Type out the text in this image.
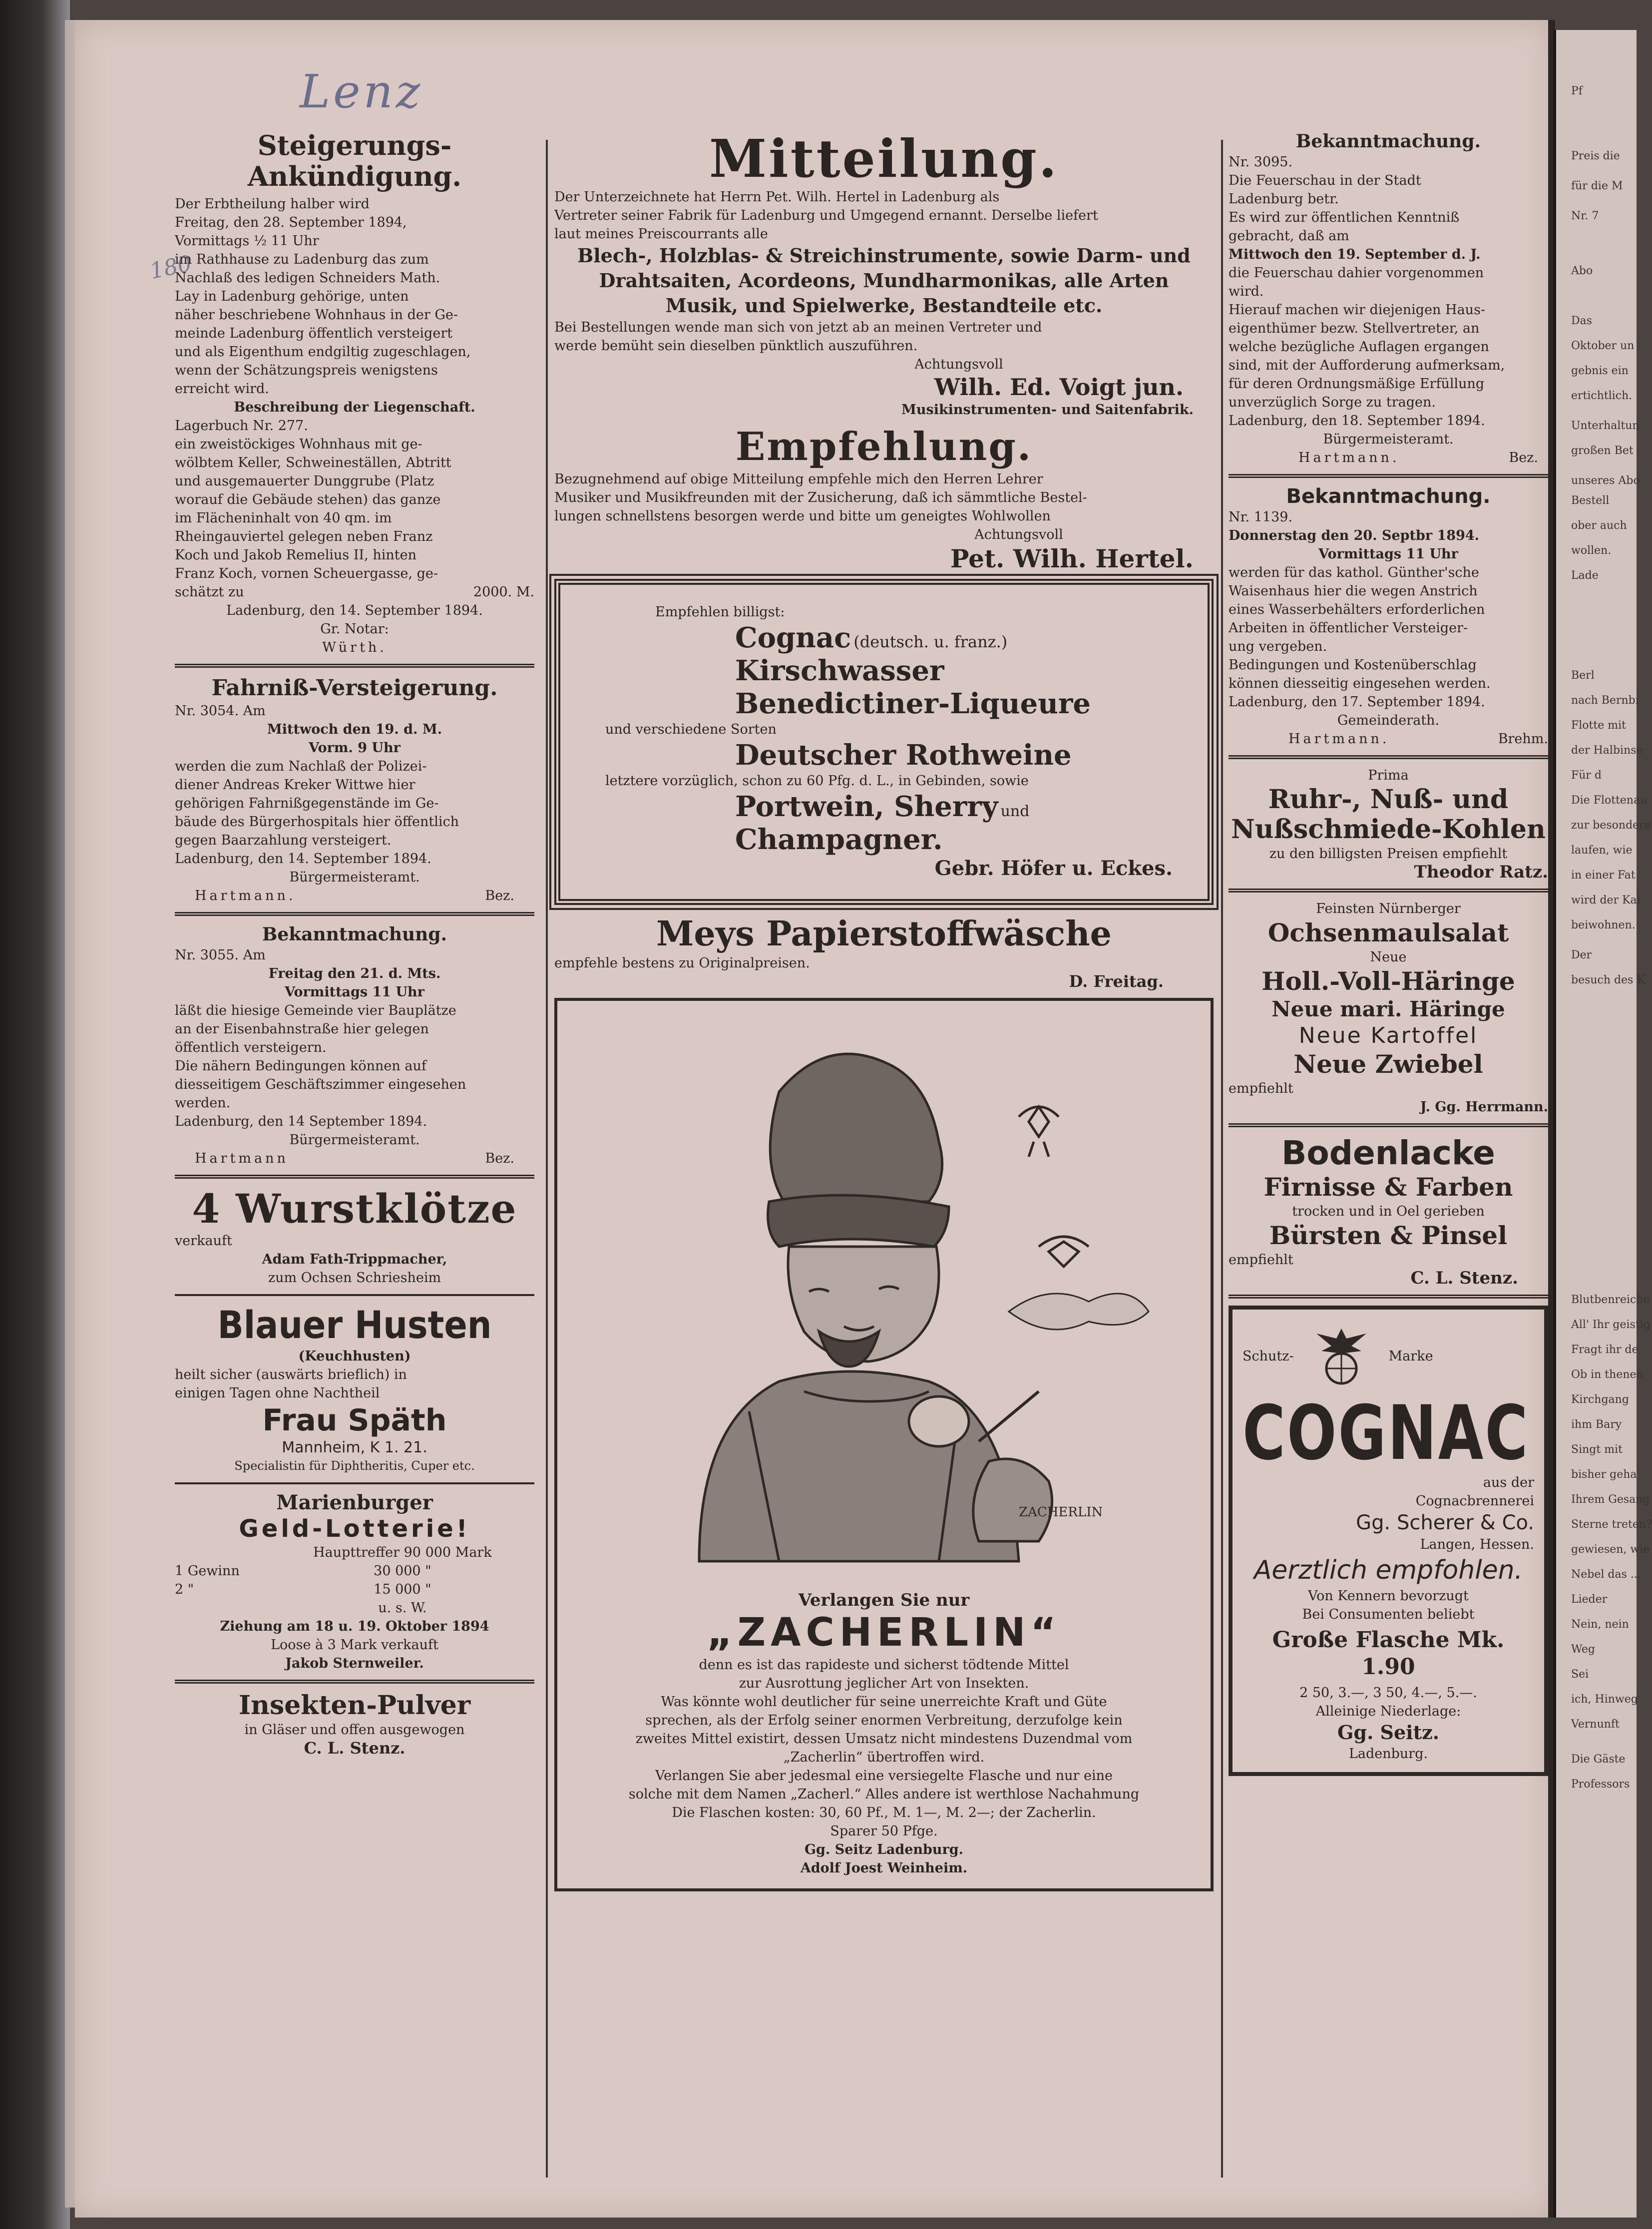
Pf
Preis die
für die M
Nr. 7
Abo
Das
Oktober un
gebnis ein
ertichtlich.
Unterhaltun
großen Bet
unseres Abo
Bestell
ober auch
wollen.
Lade
Berl
nach Bernbi
Flotte mit
der Halbinse
Für d
Die Flottenau
zur besondere
laufen, wie
in einer Fat
wird der Kai
beiwohnen.
Der
besuch des K
Blutbenreiche
All' Ihr geistig
Fragt ihr de
Ob in thenen
Kirchgang
ihm Bary
Singt mit
bisher geha
Ihrem Gesang
Sterne treten?
gewiesen, wie
Nebel das ...
Lieder
Nein, nein
Weg
Sei
ich, Hinweg
Vernunft
Die Gäste
Professors
Lenz
180
Steigerungs-
Ankündigung.

Der Erbtheilung halber wird

Freitag, den 28. September 1894,

Vormittags ½ 11 Uhr

im Rathhause zu Ladenburg das zum

Nachlaß des ledigen Schneiders Math.

Lay in Ladenburg gehörige, unten

näher beschriebene Wohnhaus in der Ge-

meinde Ladenburg öffentlich versteigert

und als Eigenthum endgiltig zugeschlagen,

wenn der Schätzungspreis wenigstens

erreicht wird.

Beschreibung der Liegenschaft.

Lagerbuch Nr. 277.

ein zweistöckiges Wohnhaus mit ge-

wölbtem Keller, Schweineställen, Abtritt

und ausgemauerter Dunggrube (Platz

worauf die Gebäude stehen) das ganze

im Flächeninhalt von 40 qm. im

Rheingauviertel gelegen neben Franz

Koch und Jakob Remelius II, hinten

Franz Koch, vornen Scheuergasse, ge-

schätzt zu	2000. M.

Ladenburg, den 14. September 1894.

Gr. Notar:

Würth.

Fahrniß-Versteigerung.

Nr. 3054. Am

Mittwoch den 19. d. M.

Vorm. 9 Uhr

werden die zum Nachlaß der Polizei-

diener Andreas Kreker Wittwe hier

gehörigen Fahrnißgegenstände im Ge-

bäude des Bürgerhospitals hier öffentlich

gegen Baarzahlung versteigert.

Ladenburg, den 14. September 1894.

Bürgermeisteramt.

Hartmann.	Bez.

Bekanntmachung.

Nr. 3055. Am

Freitag den 21. d. Mts.

Vormittags 11 Uhr

läßt die hiesige Gemeinde vier Bauplätze

an der Eisenbahnstraße hier gelegen

öffentlich versteigern.

Die nähern Bedingungen können auf

diesseitigem Geschäftszimmer eingesehen

werden.

Ladenburg, den 14 September 1894.

Bürgermeisteramt.

Hartmann	Bez.

4 Wurstklötze

verkauft

Adam Fath-Trippmacher,

zum Ochsen Schriesheim

Blauer Husten

(Keuchhusten)

heilt sicher (auswärts brieflich) in

einigen Tagen ohne Nachtheil

Frau Späth

Mannheim, K 1. 21.

Specialistin für Diphtheritis, Cuper etc.

Marienburger
Geld-Lotterie!
	Haupttreffer 90 000 Mark
1 Gewinn	30 000 "
2 "	15 000 "
	u. s. W.

Ziehung am 18 u. 19. Oktober 1894

Loose à 3 Mark verkauft

Jakob Sternweiler.

Insekten-Pulver

in Gläser und offen ausgewogen

C. L. Stenz.

Mitteilung.

Der Unterzeichnete hat Herrn Pet. Wilh. Hertel in Ladenburg als

Vertreter seiner Fabrik für Ladenburg und Umgegend ernannt. Derselbe liefert

laut meines Preiscourrants alle

Blech-, Holzblas- & Streichinstrumente, sowie Darm- und

Drahtsaiten, Acordeons, Mundharmonikas, alle Arten

Musik, und Spielwerke, Bestandteile etc.

Bei Bestellungen wende man sich von jetzt ab an meinen Vertreter und

werde bemüht sein dieselben pünktlich auszuführen.

Achtungsvoll

Wilh. Ed. Voigt jun.

Musikinstrumenten- und Saitenfabrik.

Empfehlung.

Bezugnehmend auf obige Mitteilung empfehle mich den Herren Lehrer

Musiker und Musikfreunden mit der Zusicherung, daß ich sämmtliche Bestel-

lungen schnellstens besorgen werde und bitte um geneigtes Wohlwollen

Achtungsvoll

Pet. Wilh. Hertel.

Empfehlen billigst:

Cognac (deutsch. u. franz.)

Kirschwasser

Benedictiner-Liqueure

und verschiedene Sorten

Deutscher Rothweine

letztere vorzüglich, schon zu 60 Pfg. d. L., in Gebinden, sowie

Portwein, Sherry und

Champagner.

Gebr. Höfer u. Eckes.

Meys Papierstoffwäsche

empfehle bestens zu Originalpreisen.

D. Freitag.

ZACHERLIN

Verlangen Sie nur

„ZACHERLIN“

denn es ist das rapideste und sicherst tödtende Mittel

zur Ausrottung jeglicher Art von Insekten.

Was könnte wohl deutlicher für seine unerreichte Kraft und Güte

sprechen, als der Erfolg seiner enormen Verbreitung, derzufolge kein

zweites Mittel existirt, dessen Umsatz nicht mindestens Duzendmal vom

„Zacherlin“ übertroffen wird.

Verlangen Sie aber jedesmal eine versiegelte Flasche und nur eine

solche mit dem Namen „Zacherl.“ Alles andere ist werthlose Nachahmung

Die Flaschen kosten: 30, 60 Pf., M. 1—, M. 2—; der Zacherlin.

Sparer 50 Pfge.

Gg. Seitz Ladenburg.

Adolf Joest Weinheim.

Bekanntmachung.

Nr. 3095.

Die Feuerschau in der Stadt

Ladenburg betr.

Es wird zur öffentlichen Kenntniß

gebracht, daß am

Mittwoch den 19. September d. J.

die Feuerschau dahier vorgenommen

wird.

Hierauf machen wir diejenigen Haus-

eigenthümer bezw. Stellvertreter, an

welche bezügliche Auflagen ergangen

sind, mit der Aufforderung aufmerksam,

für deren Ordnungsmäßige Erfüllung

unverzüglich Sorge zu tragen.

Ladenburg, den 18. September 1894.

Bürgermeisteramt.

Hartmann.	Bez.

Bekanntmachung.

Nr. 1139.

Donnerstag den 20. Septbr 1894.

Vormittags 11 Uhr

werden für das kathol. Günther'sche

Waisenhaus hier die wegen Anstrich

eines Wasserbehälters erforderlichen

Arbeiten in öffentlicher Versteiger-

ung vergeben.

Bedingungen und Kostenüberschlag

können diesseitig eingesehen werden.

Ladenburg, den 17. September 1894.

Gemeinderath.

Hartmann.	Brehm.

Prima

Ruhr-, Nuß- und
Nußschmiede-Kohlen

zu den billigsten Preisen empfiehlt

Theodor Ratz.

Feinsten Nürnberger

Ochsenmaulsalat

Neue

Holl.-Voll-Häringe
Neue mari. Häringe
Neue Kartoffel
Neue Zwiebel

empfiehlt

J. Gg. Herrmann.

Bodenlacke
Firnisse & Farben

trocken und in Oel gerieben

Bürsten & Pinsel

empfiehlt

C. L. Stenz.

Schutz-	Marke
COGNAC

aus der

Cognacbrennerei

Gg. Scherer & Co.

Langen, Hessen.

Aerztlich empfohlen.

Von Kennern bevorzugt

Bei Consumenten beliebt

Große Flasche Mk. 1.90

2 50, 3.—, 3 50, 4.—, 5.—.

Alleinige Niederlage:

Gg. Seitz.

Ladenburg.
